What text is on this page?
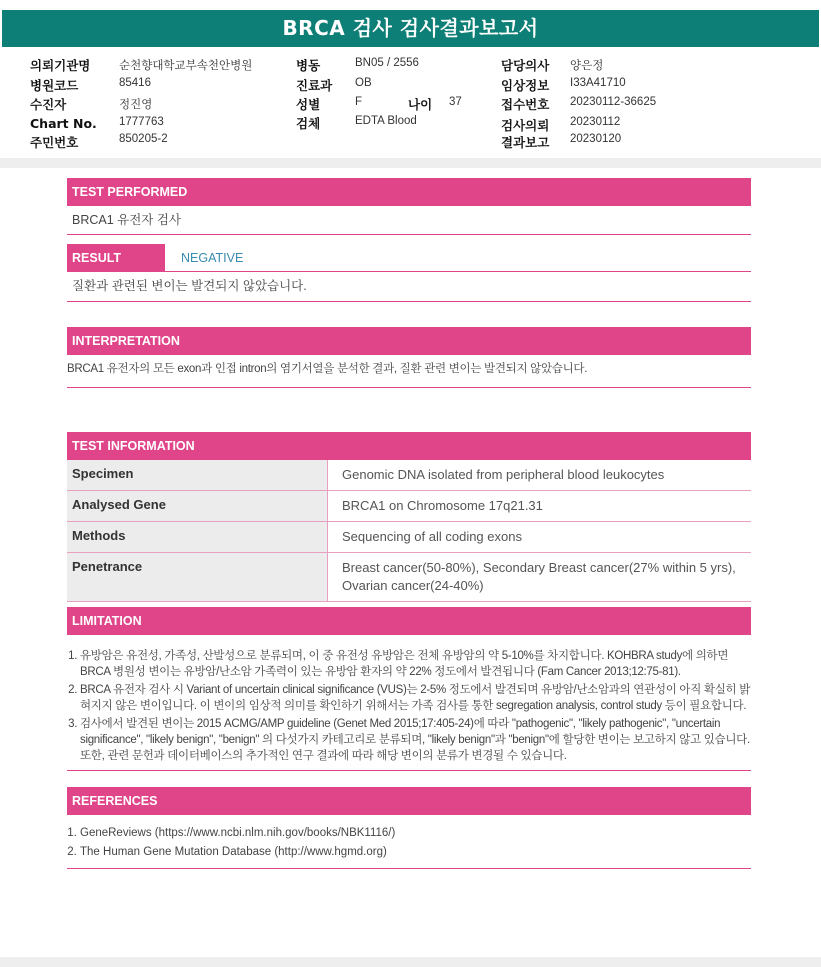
BRCA 검사 검사결과보고서
의뢰기관명 순천향대학교부속천안병원
병원코드	85416
수진자	정진영
Chart No. 1777763
주민번호	850205-2
병동	BN05 / 2556
진료과 OB
성별	F	나이 37
검체	EDTA Blood
담당의사 양은정
임상정보 I33A41710
접수번호 20230112-36625
검사의뢰 20230112
결과보고 20230120
TEST PERFORMED
BRCA1 유전자 검사
RESULT	NEGATIVE
질환과 관련된 변이는 발견되지 않았습니다.
INTERPRETATION
BRCA1 유전자의 모든 exon과 인접 intron의 염기서열을 분석한 결과, 질환 관련 변이는 발견되지 않았습니다.
TEST INFORMATION
Specimen	Genomic DNA isolated from peripheral blood leukocytes
Analysed Gene	BRCA1 on Chromosome 17q21.31
Methods	Sequencing of all coding exons
Penetrance	Breast cancer(50-80%), Secondary Breast cancer(27% within 5 yrs), Ovarian cancer(24-40%)
LIMITATION
1. 유방암은 유전성, 가족성, 산발성으로 분류되며, 이 중 유전성 유방암은 전체 유방암의 약 5-10%를 차지합니다. KOHBRA study에 의하면 BRCA 병원성 변이는 유방암/난소암 가족력이 있는 유방암 환자의 약 22% 정도에서 발견됩니다 (Fam Cancer 2013;12:75-81).
2. BRCA 유전자 검사 시 Variant of uncertain clinical significance (VUS)는 2-5% 정도에서 발견되며 유방암/난소암과의 연관성이 아직 확실히 밝혀지지 않은 변이입니다. 이 변이의 임상적 의미를 확인하기 위해서는 가족 검사를 통한 segregation analysis, control study 등이 필요합니다.
3. 검사에서 발견된 변이는 2015 ACMG/AMP guideline (Genet Med 2015;17:405-24)에 따라 "pathogenic", "likely pathogenic", "uncertain significance", "likely benign", "benign" 의 다섯가지 카테고리로 분류되며, "likely benign"과 "benign"에 할당한 변이는 보고하지 않고 있습니다. 또한, 관련 문헌과 데이터베이스의 추가적인 연구 결과에 따라 해당 변이의 분류가 변경될 수 있습니다.
REFERENCES
1. GeneReviews (https://www.ncbi.nlm.nih.gov/books/NBK1116/)
2. The Human Gene Mutation Database (http://www.hgmd.org)
